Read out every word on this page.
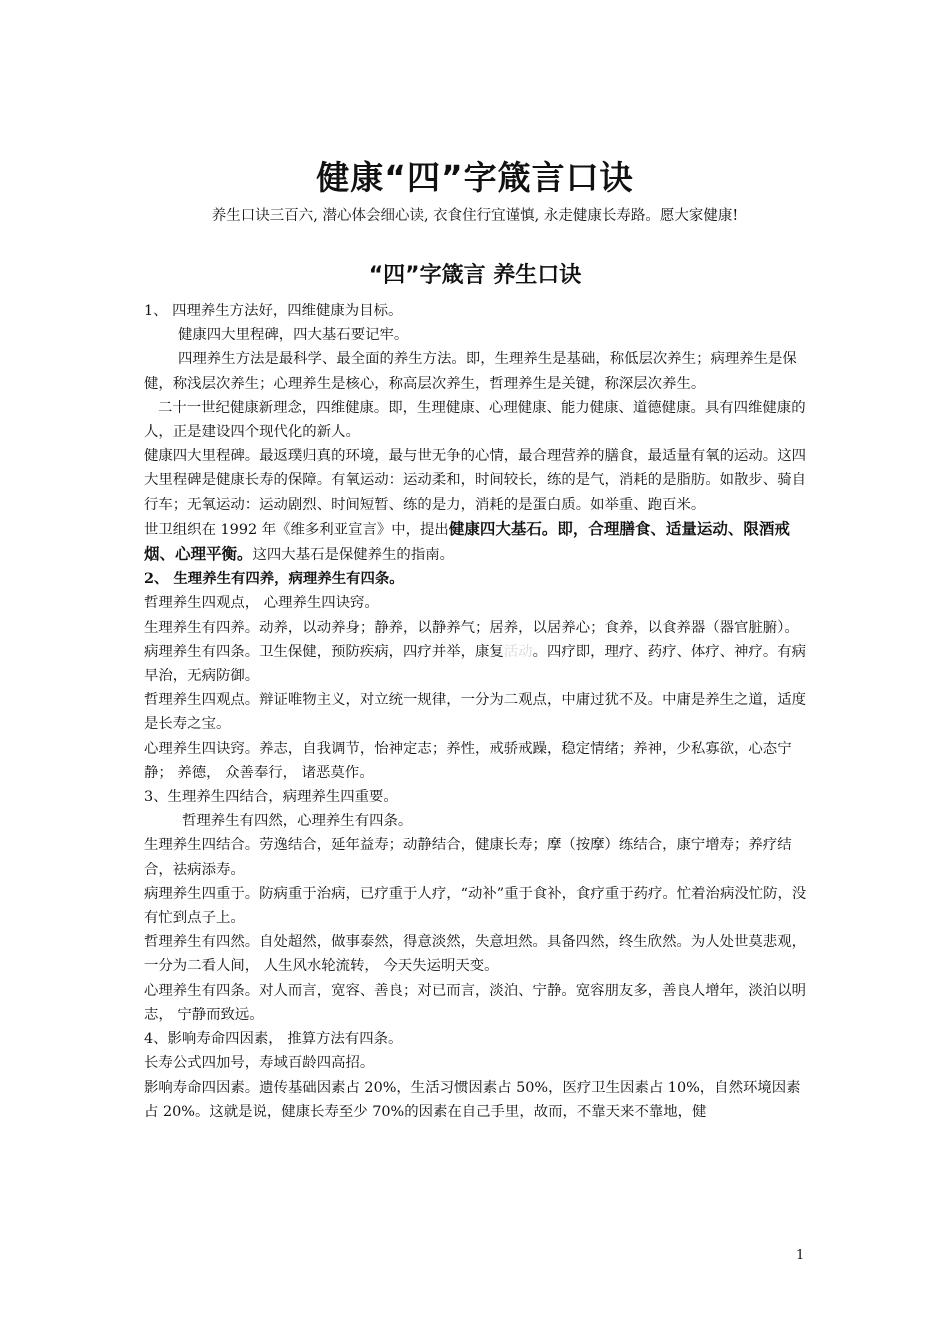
健康“四”字箴言口诀
养生口诀三百六, 潜心体会细心读, 衣食住行宜谨慎, 永走健康长寿路。愿大家健康!
“四”字箴言 养生口诀

1、 四理养生方法好，四维健康为目标。

健康四大里程碑，四大基石要记牢。

四理养生方法是最科学、最全面的养生方法。即，生理养生是基础，称低层次养生；病理养生是保健，称浅层次养生；心理养生是核心，称高层次养生，哲理养生是关键，称深层次养生。

二十一世纪健康新理念，四维健康。即，生理健康、心理健康、能力健康、道德健康。具有四维健康的人，正是建设四个现代化的新人。

健康四大里程碑。最返璞归真的环境，最与世无争的心情，最合理营养的膳食，最适量有氧的运动。这四大里程碑是健康长寿的保障。有氧运动：运动柔和，时间较长，练的是气，消耗的是脂肪。如散步、骑自行车；无氧运动：运动剧烈、时间短暂、练的是力，消耗的是蛋白质。如举重、跑百米。

世卫组织在 1992 年《维多利亚宣言》中，提出健康四大基石。即，合理膳食、适量运动、限酒戒烟、心理平衡。这四大基石是保健养生的指南。

2、 生理养生有四养，病理养生有四条。

哲理养生四观点， 心理养生四诀窍。

生理养生有四养。动养，以动养身；静养，以静养气；居养，以居养心；食养，以食养器（器官脏腑）。

病理养生有四条。卫生保健，预防疾病，四疗并举，康复活动。四疗即，理疗、药疗、体疗、神疗。有病早治，无病防御。

哲理养生四观点。辩证唯物主义，对立统一规律，一分为二观点，中庸过犹不及。中庸是养生之道，适度是长寿之宝。

心理养生四诀窍。养志，自我调节，怡神定志；养性，戒骄戒躁，稳定情绪；养神，少私寡欲，心态宁静； 养德， 众善奉行， 诸恶莫作。

3、生理养生四结合，病理养生四重要。

哲理养生有四然，心理养生有四条。

生理养生四结合。劳逸结合，延年益寿；动静结合，健康长寿；摩（按摩）练结合，康宁增寿；养疗结合，祛病添寿。

病理养生四重于。防病重于治病，已疗重于人疗，“动补”重于食补，食疗重于药疗。忙着治病没忙防，没有忙到点子上。

哲理养生有四然。自处超然，做事泰然，得意淡然，失意坦然。具备四然，终生欣然。为人处世莫悲观， 一分为二看人间， 人生风水轮流转， 今天失运明天变。

心理养生有四条。对人而言，宽容、善良；对已而言，淡泊、宁静。宽容朋友多，善良人增年，淡泊以明志， 宁静而致远。

4、影响寿命四因素， 推算方法有四条。

长寿公式四加号，寿域百龄四高招。

影响寿命四因素。遗传基础因素占 20%，生活习惯因素占 50%，医疗卫生因素占 10%，自然环境因素占 20%。这就是说，健康长寿至少 70%的因素在自己手里，故而，不靠天来不靠地，健

1
